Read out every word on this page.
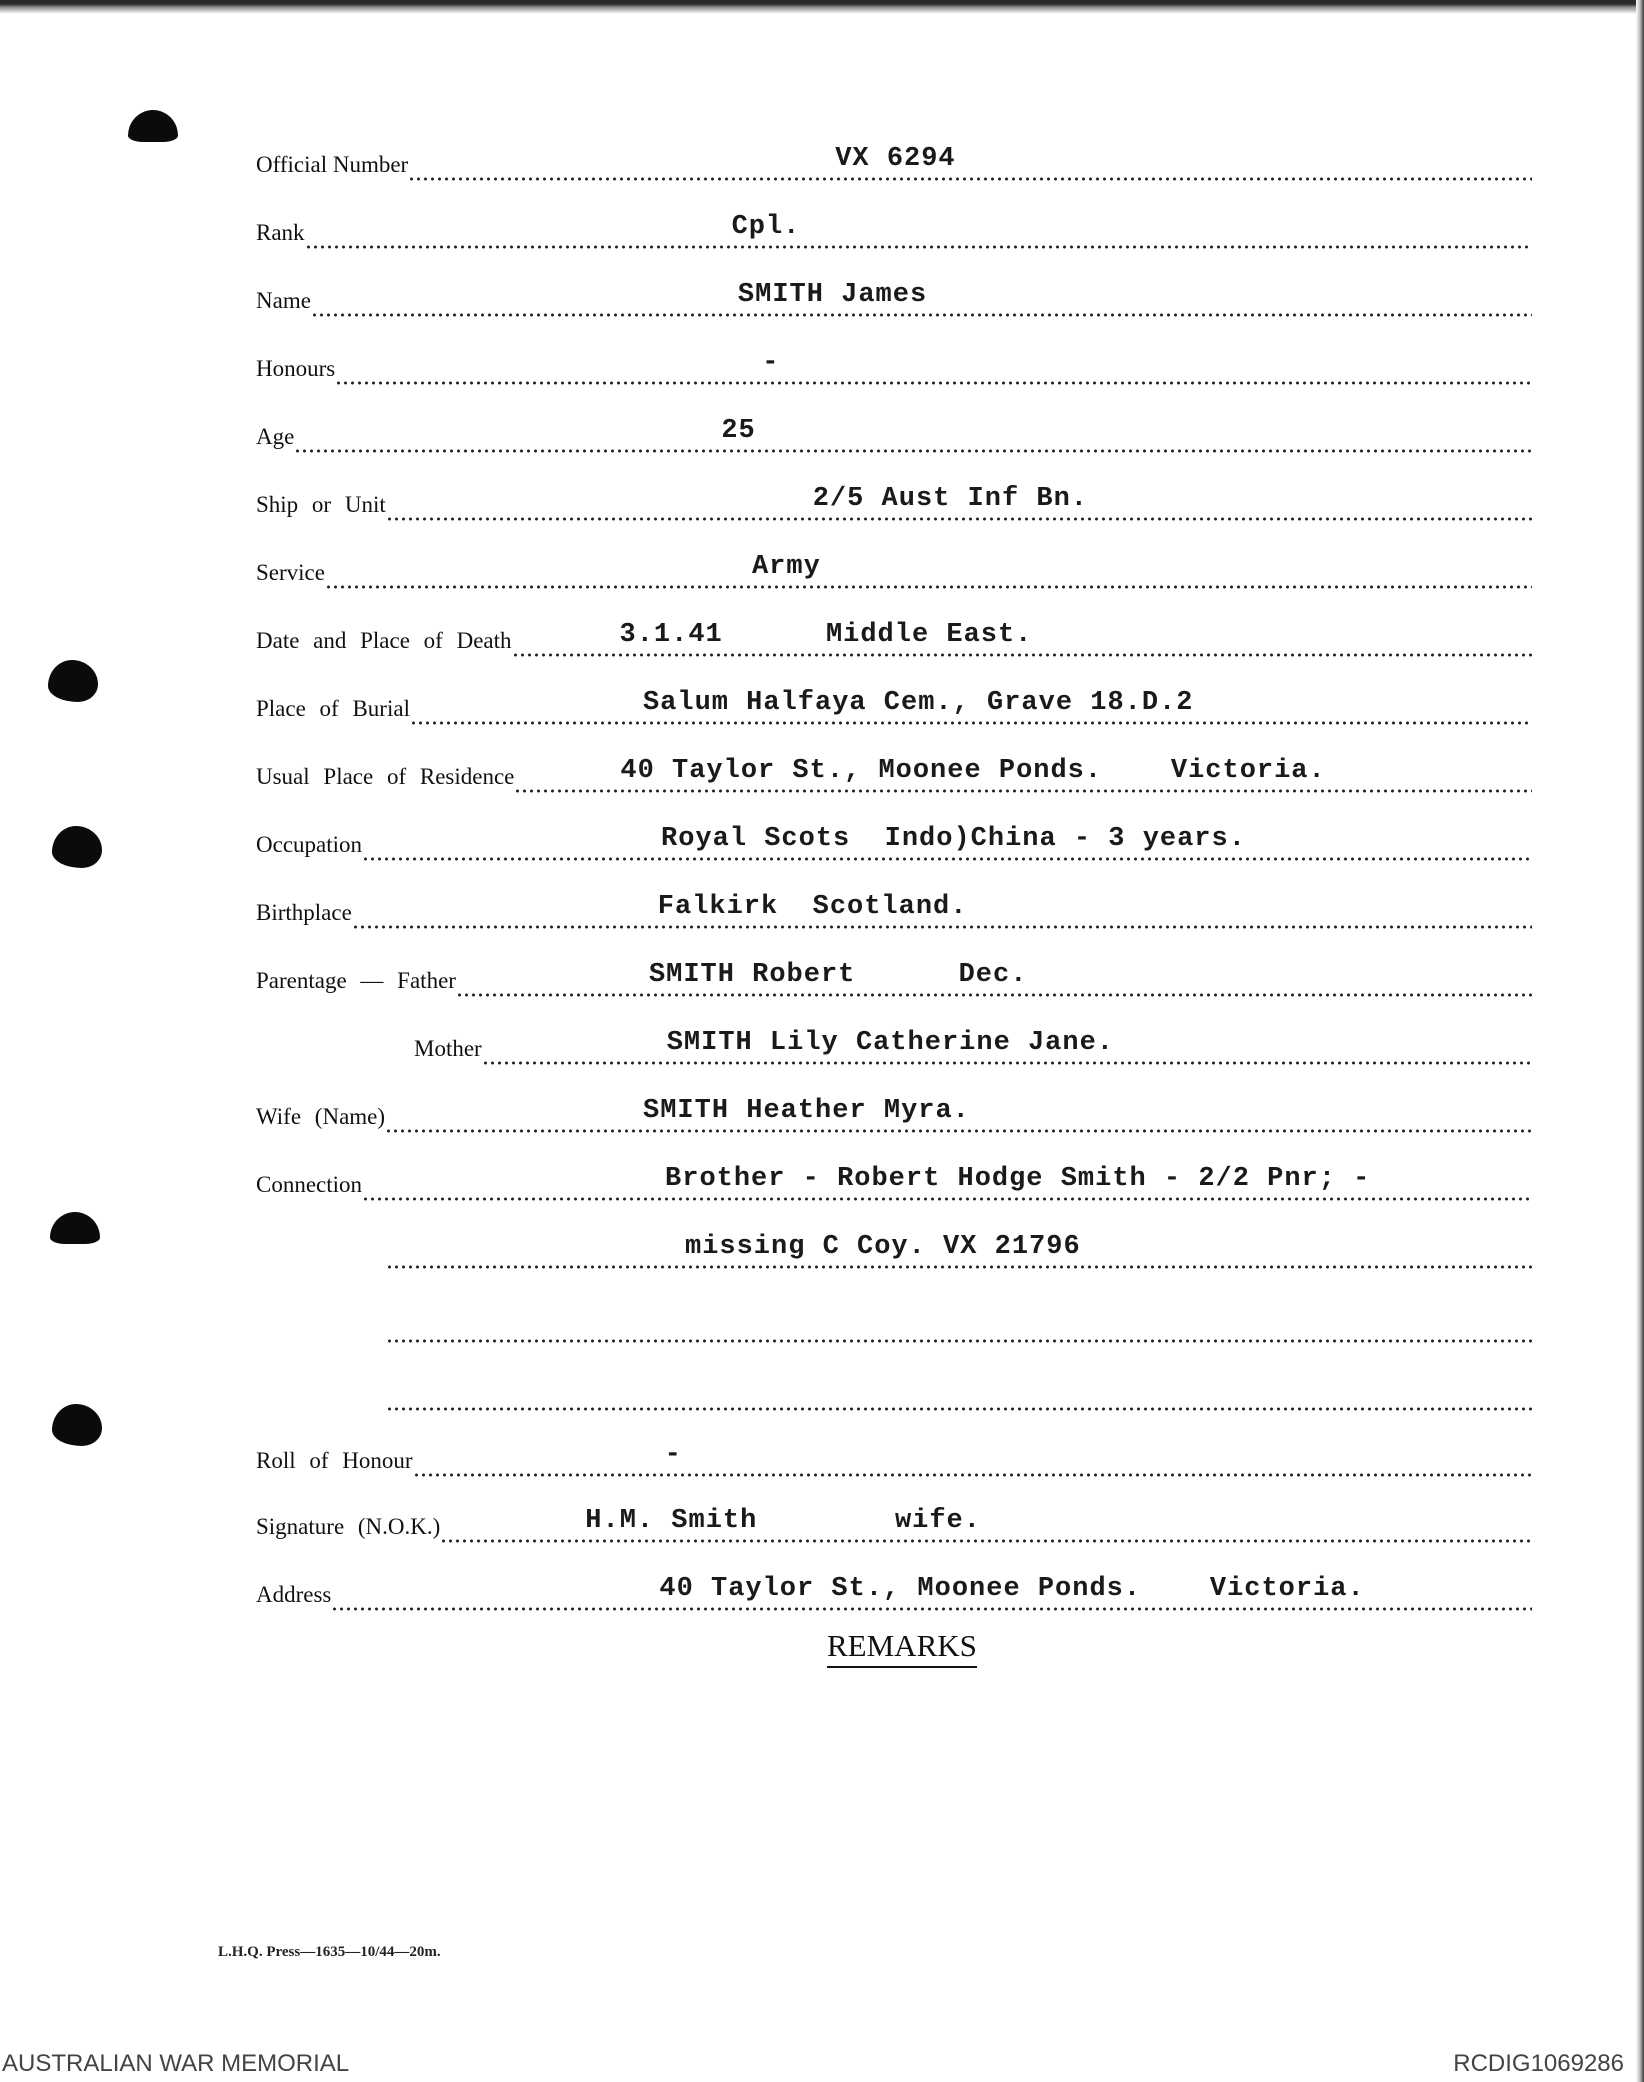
Official Number	VX 6294
Rank	Cpl.
Name	SMITH James
Honours	-
Age	25
Ship or Unit	2/5 Aust Inf Bn.
Service	Army
Date and Place of Death	3.1.41      Middle East.
Place of Burial	Salum Halfaya Cem., Grave 18.D.2
Usual Place of Residence	40 Taylor St., Moonee Ponds.    Victoria.
Occupation	Royal Scots  Indo)China - 3 years.
Birthplace	Falkirk  Scotland.
Parentage — Father	SMITH Robert      Dec.
Mother	SMITH Lily Catherine Jane.
Wife (Name)	SMITH Heather Myra.
Connection	Brother - Robert Hodge Smith - 2/2 Pnr; -
missing C Coy. VX 21796
Roll of Honour	-
Signature (N.O.K.)	H.M. Smith        wife.
Address	40 Taylor St., Moonee Ponds.    Victoria.
REMARKS
L.H.Q. Press—1635—10/44—20m.
AUSTRALIAN WAR MEMORIAL	RCDIG1069286
